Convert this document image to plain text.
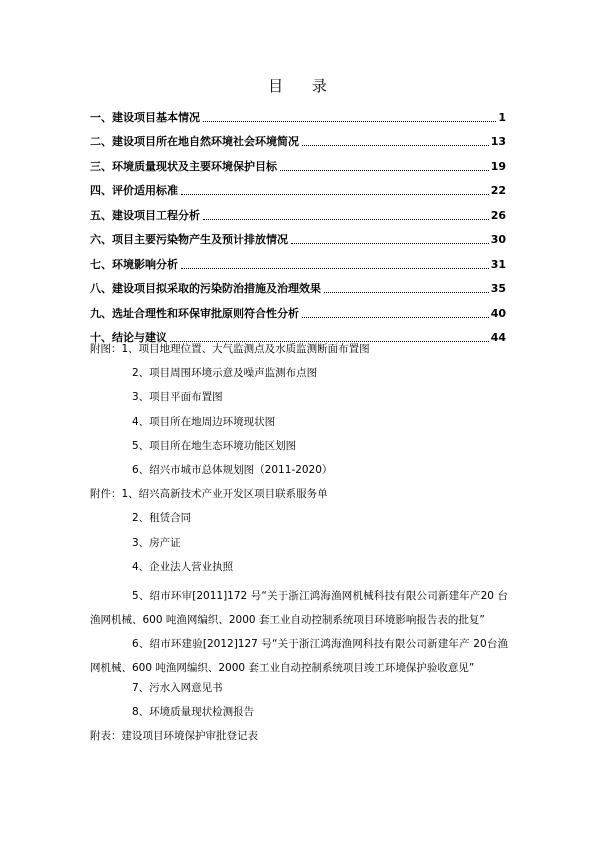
目 录
一、建设项目基本情况	1
二、建设项目所在地自然环境社会环境简况	13
三、环境质量现状及主要环境保护目标	19
四、评价适用标准	22
五、建设项目工程分析	26
六、项目主要污染物产生及预计排放情况	30
七、环境影响分析	31
八、建设项目拟采取的污染防治措施及治理效果	35
九、选址合理性和环保审批原则符合性分析	40
十、结论与建议	44
附图： 1、项目地理位置、大气监测点及水质监测断面布置图
2、项目周围环境示意及噪声监测布点图
3、项目平面布置图
4、项目所在地周边环境现状图
5、项目所在地生态环境功能区划图
6、绍兴市城市总体规划图（2011-2020）
附件： 1、绍兴高新技术产业开发区项目联系服务单
2、租赁合同
3、房产证
4、企业法人营业执照
5、绍市环审[2011]172 号“关于浙江鸿海渔网机械科技有限公司新建年产20 台渔网机械、600 吨渔网编织、2000 套工业自动控制系统项目环境影响报告表的批复”
6、绍市环建验[2012]127 号“关于浙江鸿海渔网科技有限公司新建年产 20台渔网机械、600 吨渔网编织、2000 套工业自动控制系统项目竣工环境保护验收意见”
7、污水入网意见书
8、环境质量现状检测报告
附表：建设项目环境保护审批登记表
